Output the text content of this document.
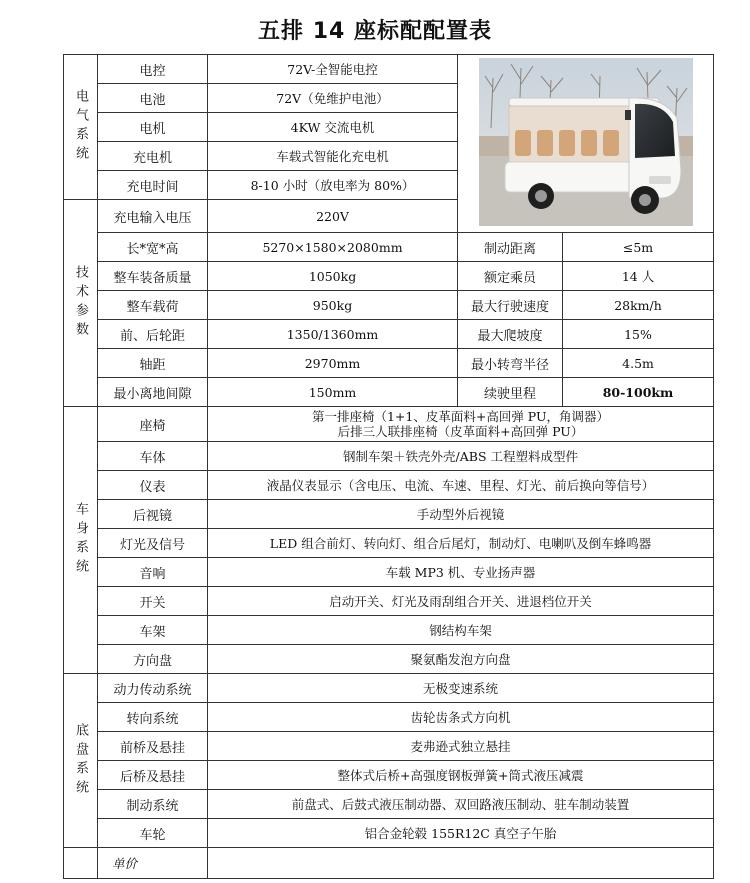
五排 14 座标配配置表
电气系统	电控	72V-全智能电控	
	电池	72V（免维护电池）		
	电机	4KW 交流电机		
	充电机	车载式智能化充电机		
	充电时间	8-10 小时（放电率为 80%）		
技术参数	充电输入电压	220V		
	长*宽*高	5270×1580×2080mm	制动距离	≤5m
	整车装备质量	1050kg	额定乘员	14 人
	整车载荷	950kg	最大行驶速度	28km/h
	前、后轮距	1350/1360mm	最大爬坡度	15%
	轴距	2970mm	最小转弯半径	4.5m
	最小离地间隙	150mm	续驶里程	80-100km
车身系统	座椅	第一排座椅（1+1、皮革面料+高回弹 PU，角调器）
后排三人联排座椅（皮革面料+高回弹 PU）		

	车体	钢制车架＋铁壳外壳/ABS 工程塑料成型件		
	仪表	液晶仪表显示（含电压、电流、车速、里程、灯光、前后换向等信号）		
	后视镜	手动型外后视镜		
	灯光及信号	LED 组合前灯、转向灯、组合后尾灯，制动灯、电喇叭及倒车蜂鸣器		
	音响	车载 MP3 机、专业扬声器		
	开关	启动开关、灯光及雨刮组合开关、进退档位开关		
	车架	钢结构车架		
	方向盘	聚氨酯发泡方向盘		
底盘系统	动力传动系统	无极变速系统		
	转向系统	齿轮齿条式方向机		
	前桥及悬挂	麦弗逊式独立悬挂		
	后桥及悬挂	整体式后桥+高强度钢板弹簧+筒式液压减震		
	制动系统	前盘式、后鼓式液压制动器、双回路液压制动、驻车制动装置		
	车轮	铝合金轮毂 155R12C 真空子午胎		
	单价			
